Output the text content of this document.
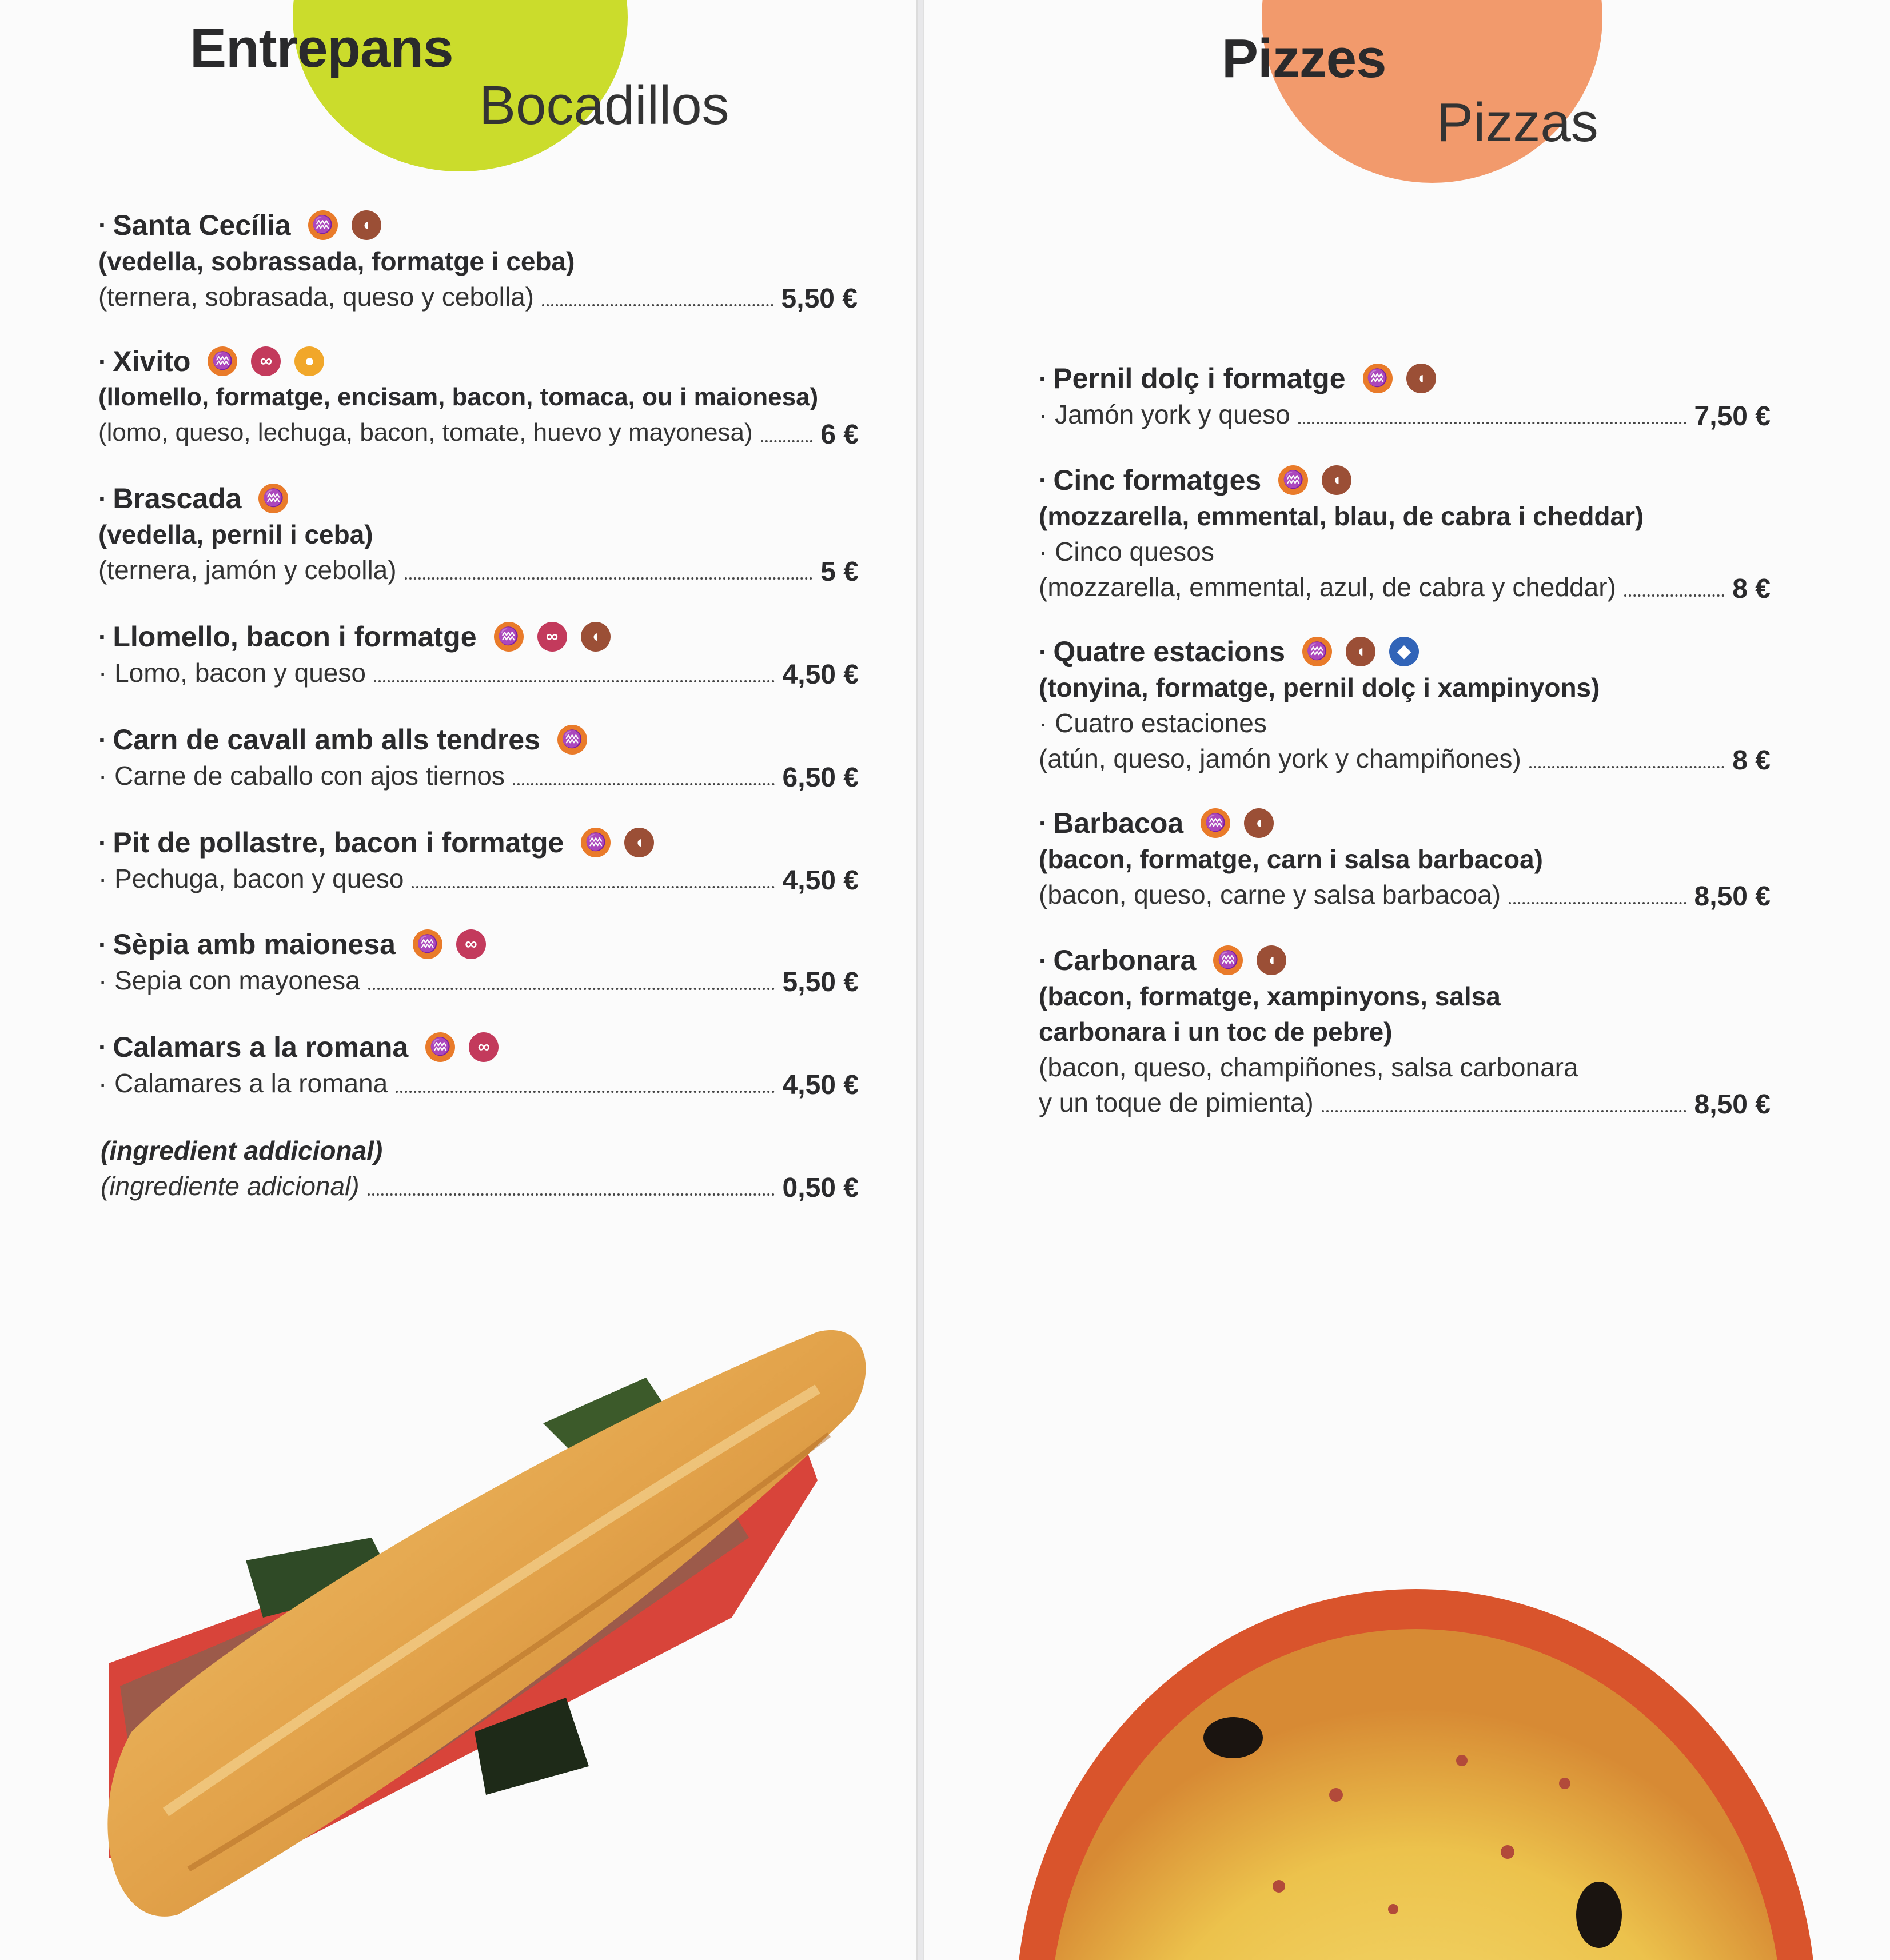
Entrepans
Bocadillos
· Santa Cecília ♒	◖
(vedella, sobrassada, formatge i ceba)
(ternera, sobrasada, queso y cebolla)	5,50 €
· Xivito ♒	∞	●
(llomello, formatge, encisam, bacon, tomaca, ou i maionesa)
(lomo, queso, lechuga, bacon, tomate, huevo y mayonesa) 6 €
· Brascada ♒
(vedella, pernil i ceba)
(ternera, jamón y cebolla)	5 €
· Llomello, bacon i formatge ♒	∞	◖
· Lomo, bacon y queso	4,50 €
· Carn de cavall amb alls tendres ♒
· Carne de caballo con ajos tiernos	6,50 €
· Pit de pollastre, bacon i formatge ♒	◖
· Pechuga, bacon y queso	4,50 €
· Sèpia amb maionesa ♒	∞
· Sepia con mayonesa	5,50 €
· Calamars a la romana ♒	∞
· Calamares a la romana	4,50 €
(ingredient addicional)
(ingrediente adicional)	0,50 €
Pizzes
Pizzas
· Pernil dolç i formatge ♒	◖
· Jamón york y queso	7,50 €
· Cinc formatges ♒	◖
(mozzarella, emmental, blau, de cabra i cheddar)
· Cinco quesos
(mozzarella, emmental, azul, de cabra y cheddar)	8 €
· Quatre estacions ♒	◖	◆
(tonyina, formatge, pernil dolç i xampinyons)
· Cuatro estaciones
(atún, queso, jamón york y champiñones)	8 €
· Barbacoa ♒	◖
(bacon, formatge, carn i salsa barbacoa)
(bacon, queso, carne y salsa barbacoa)	8,50 €
· Carbonara ♒	◖
(bacon, formatge, xampinyons, salsa
carbonara i un toc de pebre)
(bacon, queso, champiñones, salsa carbonara
y un toque de pimienta)	8,50 €
